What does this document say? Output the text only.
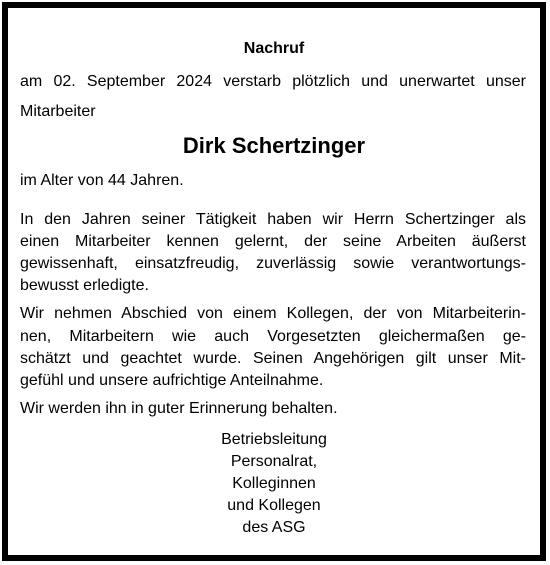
Nachruf

am 02. September 2024 verstarb plötzlich und unerwartet unser

Mitarbeiter

Dirk Schertzinger

im Alter von 44 Jahren.

In den Jahren seiner Tätigkeit haben wir Herrn Schertzinger als

einen Mitarbeiter kennen gelernt, der seine Arbeiten äußerst

gewissenhaft, einsatzfreudig, zuverlässig sowie verantwortungs-

bewusst erledigte.

Wir nehmen Abschied von einem Kollegen, der von Mitarbeiterin-

nen, Mitarbeitern wie auch Vorgesetzten gleichermaßen ge-

schätzt und geachtet wurde. Seinen Angehörigen gilt unser Mit-

gefühl und unsere aufrichtige Anteilnahme.

Wir werden ihn in guter Erinnerung behalten.

Betriebsleitung

Personalrat,

Kolleginnen

und Kollegen

des ASG
